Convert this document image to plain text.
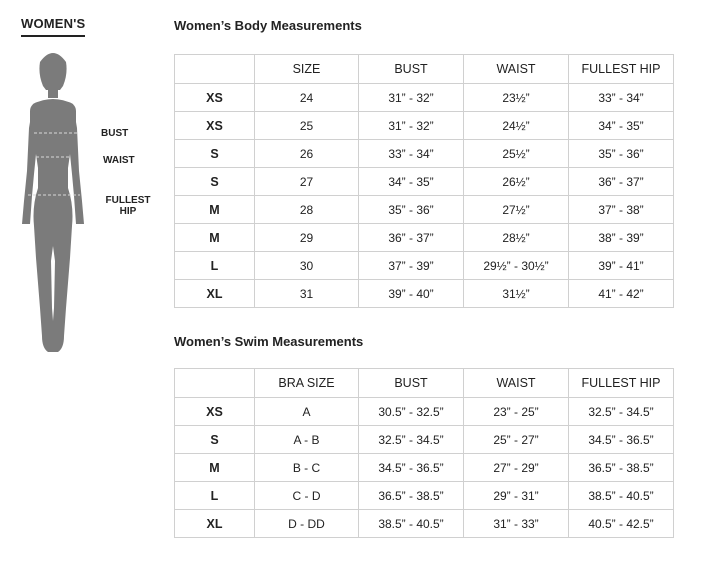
WOMEN'S
BUST
WAIST
FULLEST HIP
Women’s Body Measurements
	SIZE	BUST	WAIST	FULLEST HIP
XS	24	31” - 32”	23½”	33” - 34”
XS	25	31” - 32”	24½”	34” - 35”
S	26	33” - 34”	25½”	35” - 36”
S	27	34” - 35”	26½”	36” - 37”
M	28	35” - 36”	27½”	37” - 38”
M	29	36” - 37”	28½”	38” - 39”
L	30	37” - 39”	29½” - 30½”	39” - 41”
XL	31	39” - 40”	31½”	41” - 42”
Women’s Swim Measurements
	BRA SIZE	BUST	WAIST	FULLEST HIP
XS	A	30.5” - 32.5”	23” - 25”	32.5” - 34.5”
S	A - B	32.5” - 34.5”	25” - 27”	34.5” - 36.5”
M	B - C	34.5” - 36.5”	27” - 29”	36.5” - 38.5”
L	C - D	36.5” - 38.5”	29” - 31”	38.5” - 40.5”
XL	D - DD	38.5” - 40.5”	31” - 33”	40.5” - 42.5”
